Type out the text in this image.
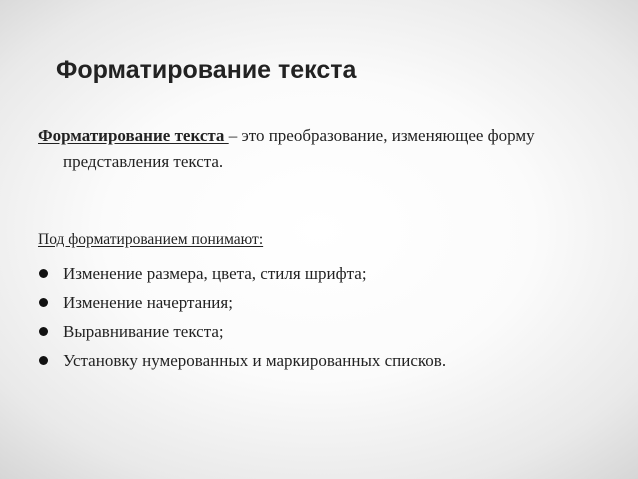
Форматирование текста

Форматирование текста – это преобразование, изменяющее форму представления текста.

Под форматированием понимают:

Изменение размера, цвета, стиля шрифта;
Изменение начертания;
Выравнивание текста;
Установку нумерованных и маркированных списков.
